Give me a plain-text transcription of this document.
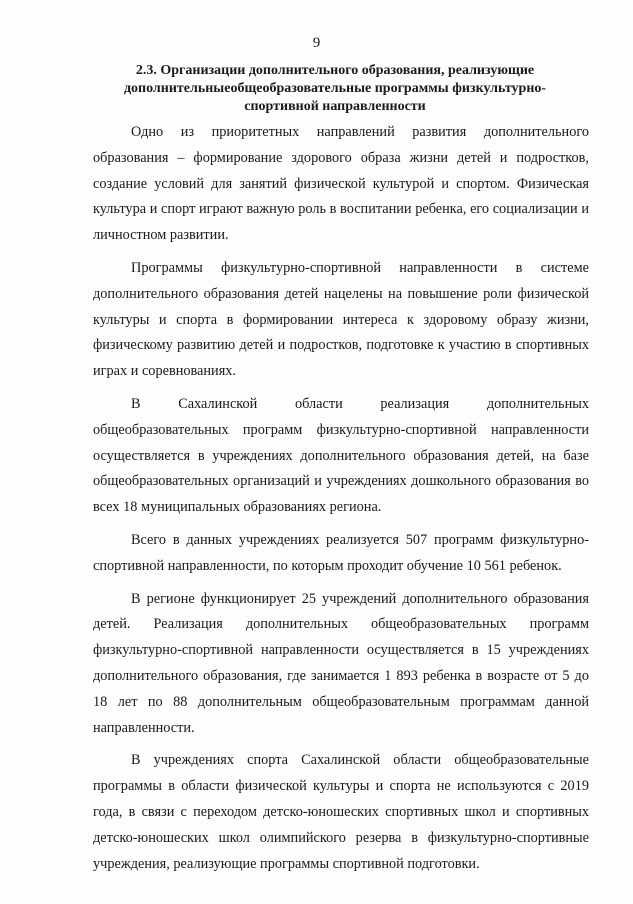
9
2.3. Организации дополнительного образования, реализующие дополнительныеобщеобразовательные программы физкультурно-спортивной направленности

Одно из приоритетных направлений развития дополнительного образования – формирование здорового образа жизни детей и подростков, создание условий для занятий физической культурой и спортом. Физическая культура и спорт играют важную роль в воспитании ребенка, его социализации и личностном развитии.

Программы физкультурно-спортивной направленности в системе дополнительного образования детей нацелены на повышение роли физической культуры и спорта в формировании интереса к здоровому образу жизни, физическому развитию детей и подростков, подготовке к участию в спортивных играх и соревнованиях.

В Сахалинской области реализация дополнительных общеобразовательных программ физкультурно-спортивной направленности осуществляется в учреждениях дополнительного образования детей, на базе общеобразовательных организаций и учреждениях дошкольного образования во всех 18 муниципальных образованиях региона.

Всего в данных учреждениях реализуется 507 программ физкультурно-спортивной направленности, по которым проходит обучение 10 561 ребенок.

В регионе функционирует 25 учреждений дополнительного образования детей. Реализация дополнительных общеобразовательных программ физкультурно-спортивной направленности осуществляется в 15 учреждениях дополнительного образования, где занимается 1 893 ребенка в возрасте от 5 до 18 лет по 88 дополнительным общеобразовательным программам данной направленности.

В учреждениях спорта Сахалинской области общеобразовательные программы в области физической культуры и спорта не используются с 2019 года, в связи с переходом детско-юношеских спортивных школ и спортивных детско-юношеских школ олимпийского резерва в физкультурно-спортивные учреждения, реализующие программы спортивной подготовки.
